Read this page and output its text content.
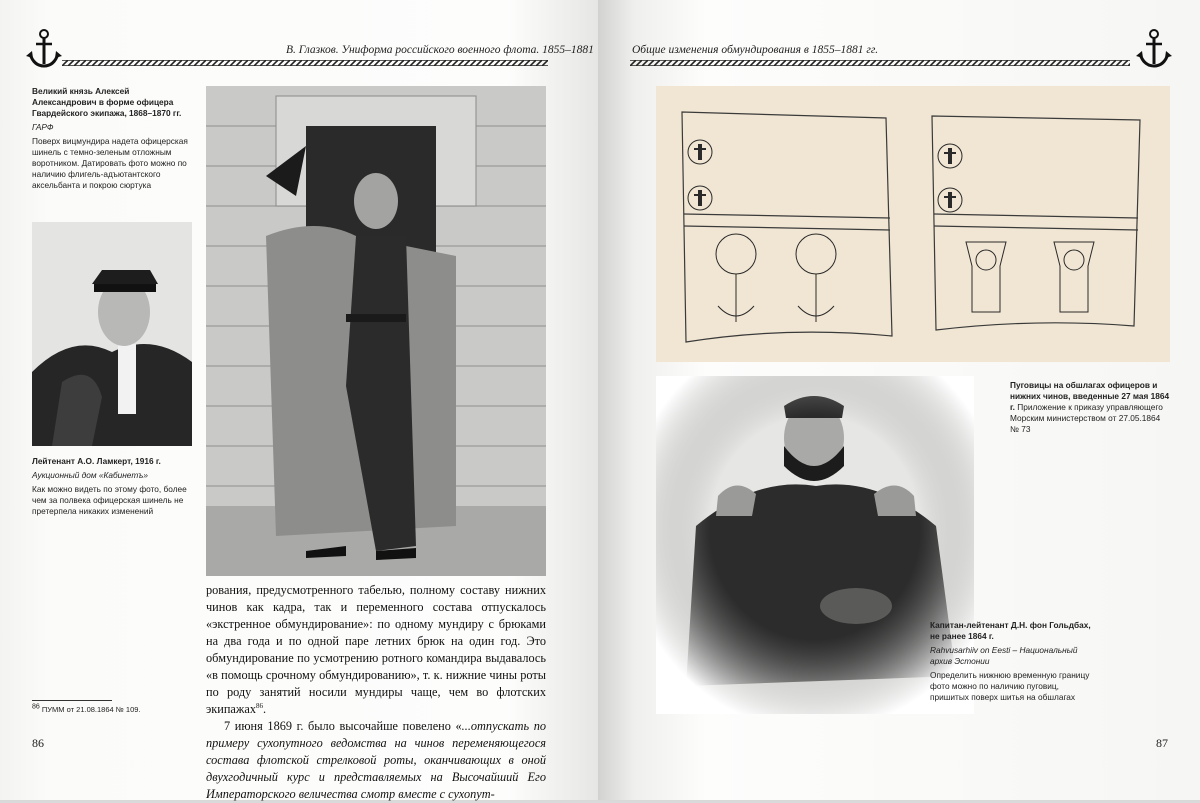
В. Глазков. Униформа российского военного флота. 1855–1881
Великий князь Алексей Александрович в форме офицера Гвардейского экипажа, 1868–1870 гг.
ГАРФ
Поверх вицмундира надета офицерская шинель с темно-зеленым отложным воротником. Датировать фото можно по наличию флигель-адъютантского аксельбанта и покрою сюртука
Лейтенант А.О. Ламкерт, 1916 г.
Аукционный дом «Кабинетъ»
Как можно видеть по этому фото, более чем за полвека офицерская шинель не претерпела никаких изменений

рования, предусмотренного табелью, полному составу нижних чинов как кадра, так и переменного состава отпускалось «экстренное обмундирование»: по одному мундиру с брюками на два года и по одной паре летних брюк на один год. Это обмундирование по усмотрению ротного командира выдавалось «в помощь срочному обмундированию», т. к. нижние чины роты по роду занятий носили мундиры чаще, чем во флотских экипажах$^{86}$.

7 июня 1869 г. было высочайше повелено «...отпускать по примеру сухопутного ведомства на чинов переменяющегося состава флотской стрелковой роты, оканчивающих в оной двухгодичный курс и представляемых на Высочайший Его Императорского величества смотр вместе с сухопут-

$^{86}$ ПУММ от 21.08.1864 № 109.
86
Общие изменения обмундирования в 1855–1881 гг.
Пуговицы на обшлагах офицеров и нижних чинов, введенные 27 мая 1864 г. Приложение к приказу управляющего Морским министерством от 27.05.1864 № 73
Капитан-лейтенант Д.Н. фон Гольдбах, не ранее 1864 г.
Rahvusarhiiv on Eesti – Национальный архив Эстонии
Определить нижнюю временную границу фото можно по наличию пуговиц, пришитых поверх шитья на обшлагах
87
